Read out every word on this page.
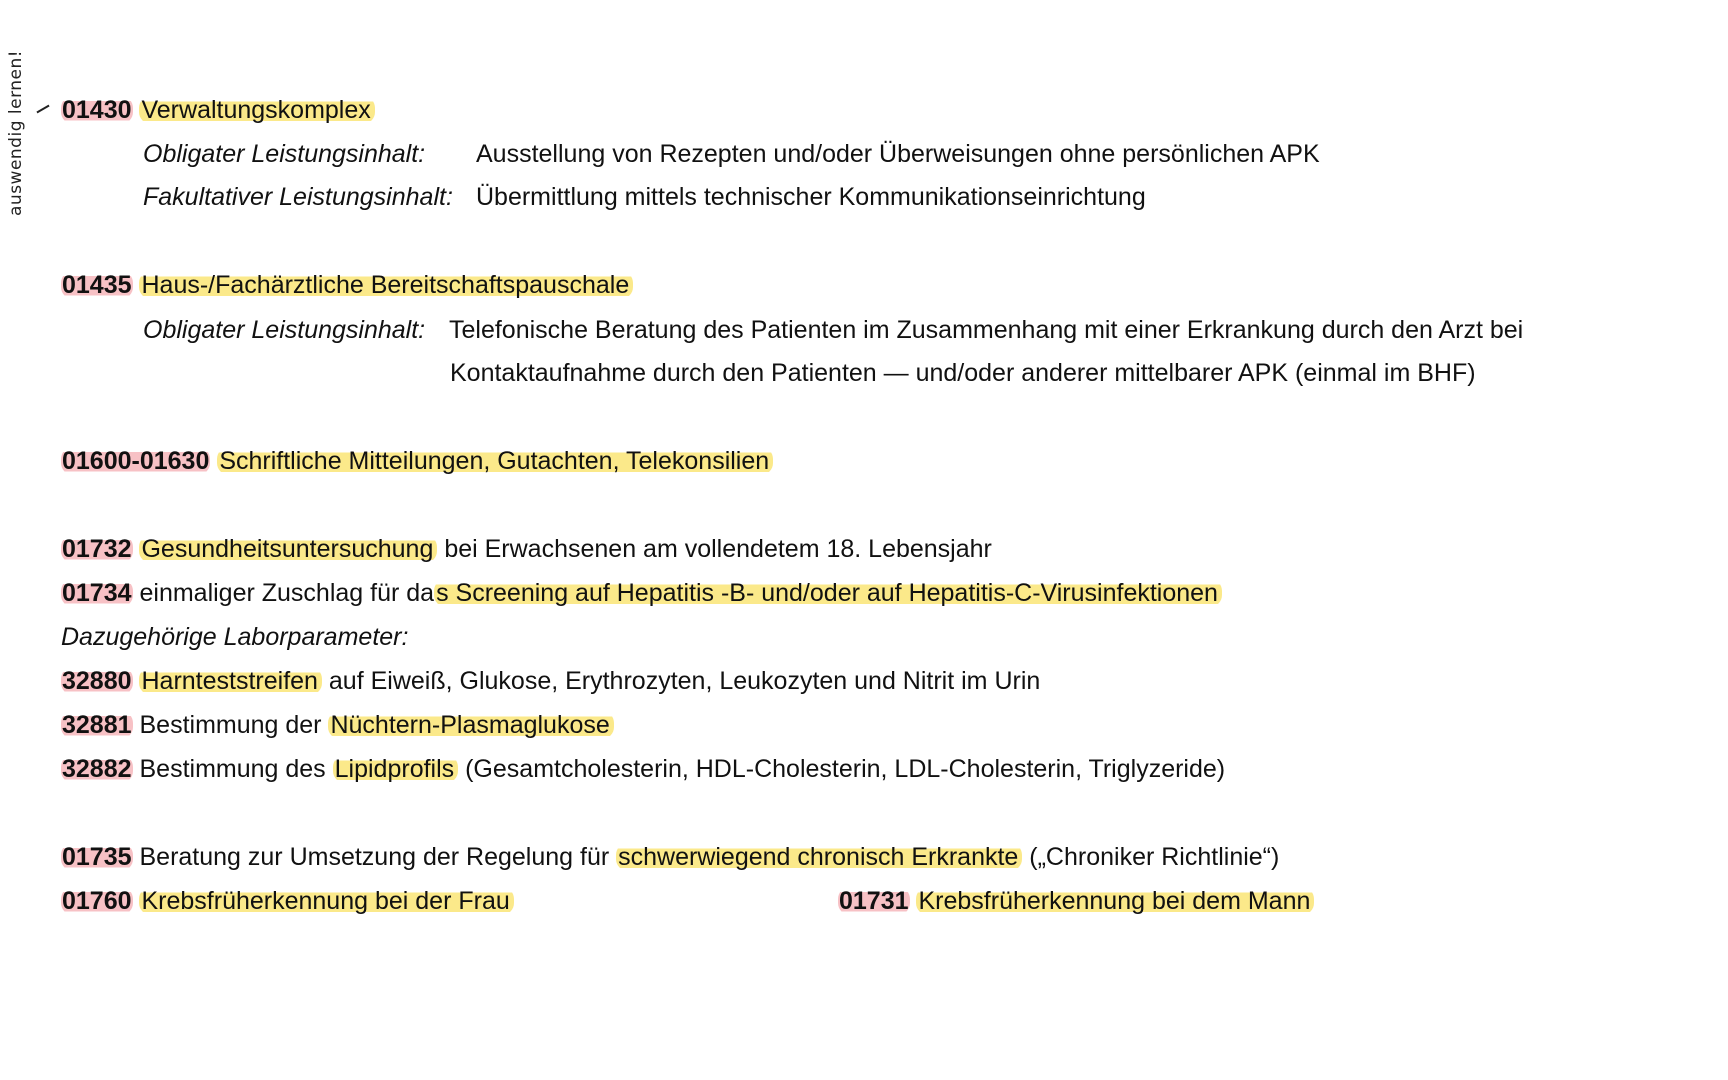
auswendig lernen! 01430 Verwaltungskomplex
Obligater Leistungsinhalt: Ausstellung von Rezepten und/oder Überweisungen ohne persönlichen APK
Fakultativer Leistungsinhalt: Übermittlung mittels technischer Kommunikationseinrichtung
01435 Haus-/Fachärztliche Bereitschaftspauschale
Obligater Leistungsinhalt: Telefonische Beratung des Patienten im Zusammenhang mit einer Erkrankung durch den Arzt bei
Kontaktaufnahme durch den Patienten — und/oder anderer mittelbarer APK (einmal im BHF)
01600-01630 Schriftliche Mitteilungen, Gutachten, Telekonsilien
01732 Gesundheitsuntersuchung bei Erwachsenen am vollendetem 18. Lebensjahr
01734 einmaliger Zuschlag für das Screening auf Hepatitis -B- und/oder auf Hepatitis-C-Virusinfektionen
Dazugehörige Laborparameter:
32880 Harnteststreifen auf Eiweiß, Glukose, Erythrozyten, Leukozyten und Nitrit im Urin
32881 Bestimmung der Nüchtern-Plasmaglukose
32882 Bestimmung des Lipidprofils (Gesamtcholesterin, HDL-Cholesterin, LDL-Cholesterin, Triglyzeride)
01735 Beratung zur Umsetzung der Regelung für schwerwiegend chronisch Erkrankte („Chroniker Richtlinie“)
01760 Krebsfrüherkennung bei der Frau	01731 Krebsfrüherkennung bei dem Mann
